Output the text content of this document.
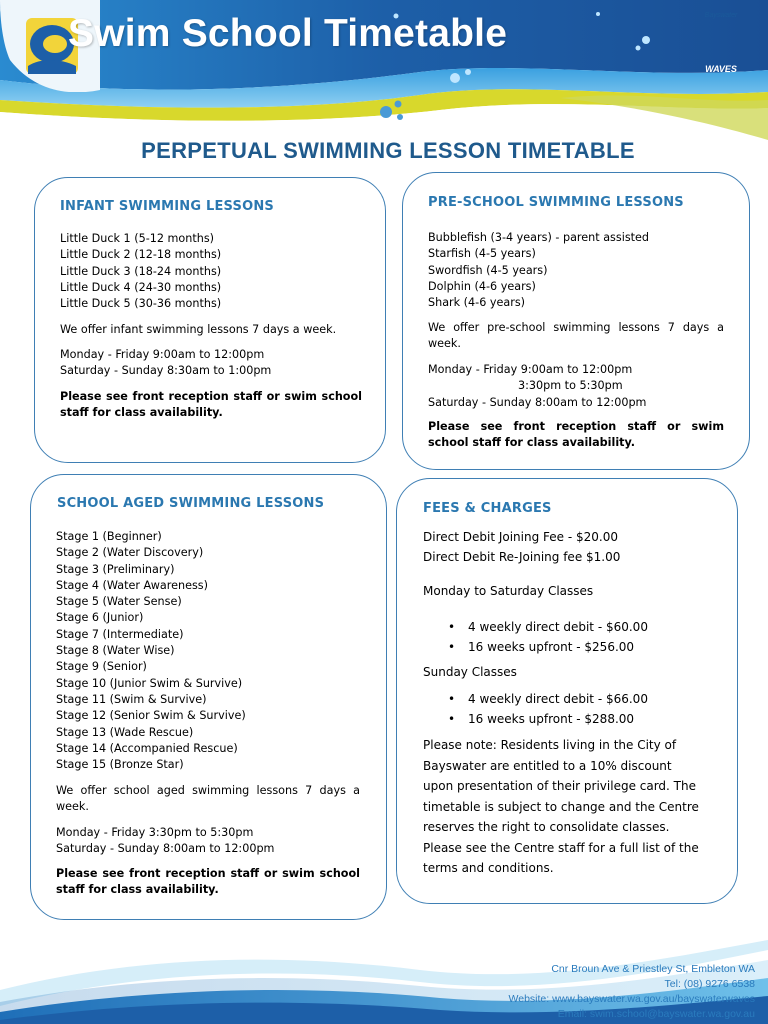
Bayswater
WAVES
Swim School Timetable
PERPETUAL SWIMMING LESSON TIMETABLE
INFANT SWIMMING LESSONS
Little Duck 1 (5-12 months)
Little Duck 2 (12-18 months)
Little Duck 3 (18-24 months)
Little Duck 4 (24-30 months)
Little Duck 5 (30-36 months)
We offer infant swimming lessons 7 days a week.
Monday - Friday 9:00am to 12:00pm
Saturday - Sunday 8:30am to 1:00pm
Please see front reception staff or swim school staff for class availability.
PRE-SCHOOL SWIMMING LESSONS
Bubblefish (3-4 years) - parent assisted
Starfish (4-5 years)
Swordfish (4-5 years)
Dolphin (4-6 years)
Shark (4-6 years)
We offer pre-school swimming lessons 7 days a week.
Monday - Friday 9:00am to 12:00pm
3:30pm to 5:30pm
Saturday - Sunday 8:00am to 12:00pm
Please see front reception staff or swim school staff for class availability.
SCHOOL AGED SWIMMING LESSONS
Stage 1 (Beginner)
Stage 2 (Water Discovery)
Stage 3 (Preliminary)
Stage 4 (Water Awareness)
Stage 5 (Water Sense)
Stage 6 (Junior)
Stage 7 (Intermediate)
Stage 8 (Water Wise)
Stage 9 (Senior)
Stage 10 (Junior Swim & Survive)
Stage 11 (Swim & Survive)
Stage 12 (Senior Swim & Survive)
Stage 13 (Wade Rescue)
Stage 14 (Accompanied Rescue)
Stage 15 (Bronze Star)
We offer school aged swimming lessons 7 days a week.
Monday - Friday 3:30pm to 5:30pm
Saturday - Sunday 8:00am to 12:00pm
Please see front reception staff or swim school staff for class availability.
FEES & CHARGES
Direct Debit Joining Fee - $20.00
Direct Debit Re-Joining fee $1.00
Monday to Saturday Classes
• 4 weekly direct debit - $60.00
• 16 weeks upfront - $256.00
Sunday Classes
• 4 weekly direct debit - $66.00
• 16 weeks upfront - $288.00
Please note: Residents living in the City of
Bayswater are entitled to a 10% discount
upon presentation of their privilege card. The
timetable is subject to change and the Centre
reserves the right to consolidate classes.
Please see the Centre staff for a full list of the
terms and conditions.
Cnr Broun Ave & Priestley St, Embleton WA
Tel: (08) 9276 6538
Website: www.bayswater.wa.gov.au/bayswaterwaves
Email: swim.school@bayswater.wa.gov.au
